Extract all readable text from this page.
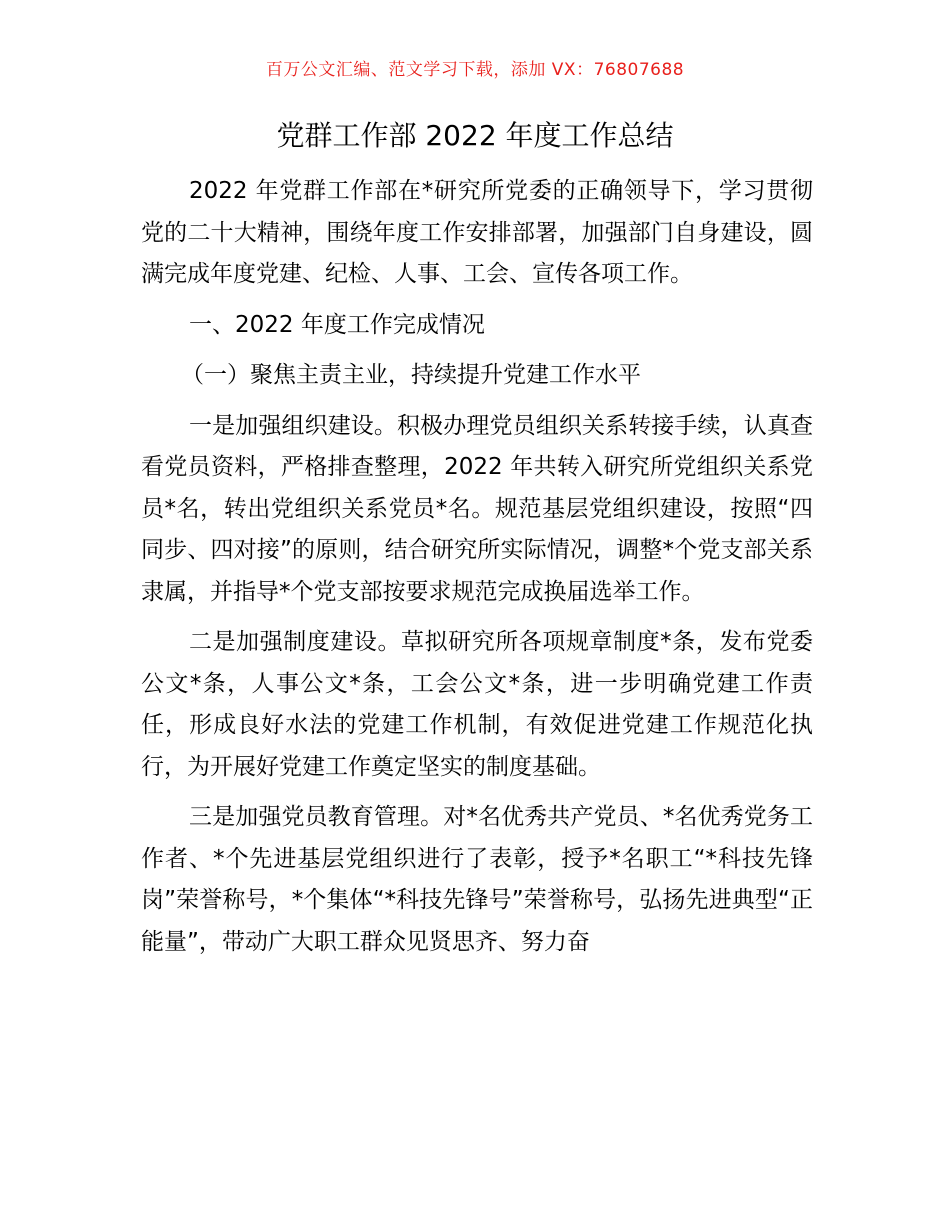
百万公文汇编、范文学习下载，添加 VX：76807688
党群工作部 2022 年度工作总结

2022 年党群工作部在*研究所党委的正确领导下，学习贯彻党的二十大精神，围绕年度工作安排部署，加强部门自身建设，圆满完成年度党建、纪检、人事、工会、宣传各项工作。

一、2022 年度工作完成情况

（一）聚焦主责主业，持续提升党建工作水平

一是加强组织建设。积极办理党员组织关系转接手续，认真查看党员资料，严格排查整理，2022 年共转入研究所党组织关系党员*名，转出党组织关系党员*名。规范基层党组织建设，按照“四同步、四对接”的原则，结合研究所实际情况，调整*个党支部关系隶属，并指导*个党支部按要求规范完成换届选举工作。

二是加强制度建设。草拟研究所各项规章制度*条，发布党委公文*条，人事公文*条，工会公文*条，进一步明确党建工作责任，形成良好水法的党建工作机制，有效促进党建工作规范化执行，为开展好党建工作奠定坚实的制度基础。

三是加强党员教育管理。对*名优秀共产党员、*名优秀党务工作者、*个先进基层党组织进行了表彰，授予*名职工“*科技先锋岗”荣誉称号，*个集体“*科技先锋号”荣誉称号，弘扬先进典型“正能量”，带动广大职工群众见贤思齐、努力奋
